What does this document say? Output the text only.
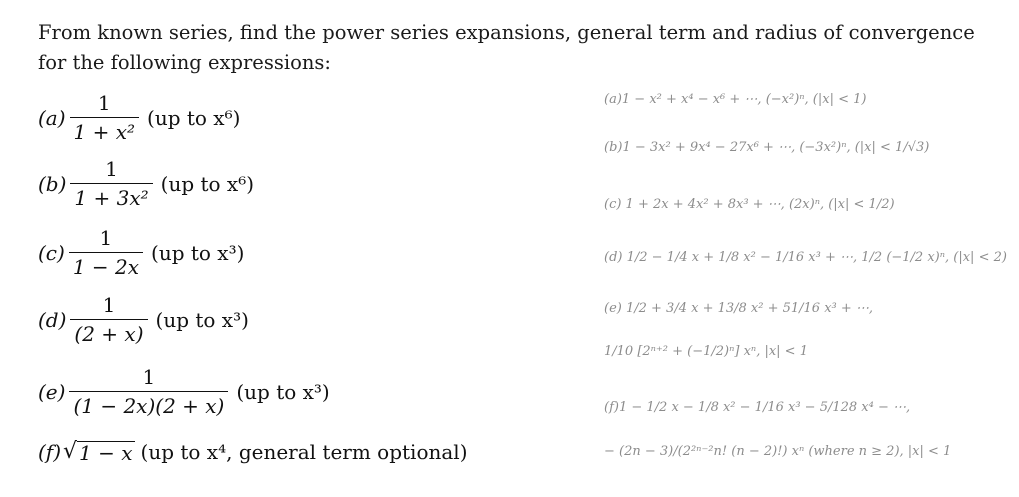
From known series, find the power series expansions, general term and radius of convergence for the following expressions:
$(a) \frac{1}{\text{1 + x²}} (up$ to x⁶)
$(b) \frac{1}{\text{1 + 3x²}} (up$ to x⁶)
$(c) \frac{1}{1 - 2x} (up$ to x³)
$(d) \frac{1}{(2 + x)} (up$ to x³)
$(e) \frac{1}{(1 - 2x)(2 + x)} (up$ to x³)
(f) √ 1 − x (up to x⁴, general term optional)
(a)1 − x² + x⁴ − x⁶ + ⋯, (−x²)ⁿ, (|x| < 1)
(b)1 − 3x² + 9x⁴ − 27x⁶ + ⋯, (−3x²)ⁿ, (|x| < 1/√3)
(c) 1 + 2x + 4x² + 8x³ + ⋯, (2x)ⁿ, (|x| < 1/2)
(d) 1/2 − 1/4 x + 1/8 x² − 1/16 x³ + ⋯, 1/2 (−1/2 x)ⁿ, (|x| < 2)
(e) 1/2 + 3/4 x + 13/8 x² + 51/16 x³ + ⋯,
1/10 [2ⁿ⁺² + (−1/2)ⁿ] xⁿ, |x| < 1
(f)1 − 1/2 x − 1/8 x² − 1/16 x³ − 5/128 x⁴ − ⋯,
− (2n − 3)/(2²ⁿ⁻²n! (n − 2)!) xⁿ (where n ≥ 2), |x| < 1
